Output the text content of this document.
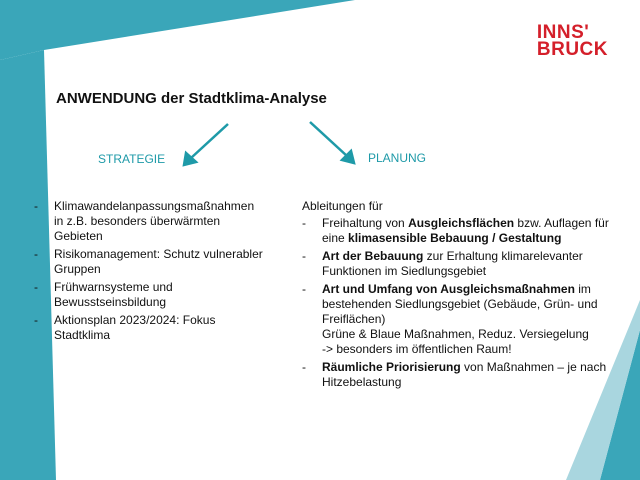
INNS'
BRUCK
ANWENDUNG der Stadtklima-Analyse
STRATEGIE	PLANUNG
- Klimawandelanpassungsmaßnahmen in z.B. besonders überwärmten Gebieten
- Risikomanagement: Schutz vulnerabler Gruppen
- Frühwarnsysteme und Bewusstseinsbildung
- Aktionsplan 2023/2024: Fokus Stadtklima
Ableitungen für
- Freihaltung von Ausgleichsflächen bzw. Auflagen für eine klimasensible Bebauung / Gestaltung
- Art der Bebauung zur Erhaltung klimarelevanter Funktionen im Siedlungsgebiet
- Art und Umfang von Ausgleichsmaßnahmen im bestehenden Siedlungsgebiet (Gebäude, Grün- und Freiflächen)
Grüne & Blaue Maßnahmen, Reduz. Versiegelung
-> besonders im öffentlichen Raum!
- Räumliche Priorisierung von Maßnahmen – je nach Hitzebelastung
